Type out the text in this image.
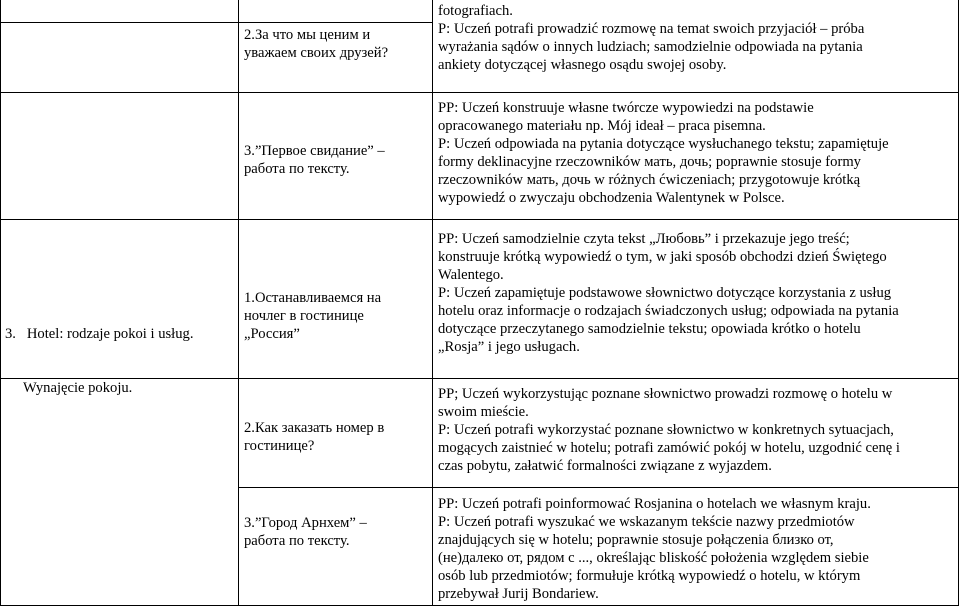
2.За что мы ценим и
уважаем своих друзей?
fotografiach.
P: Uczeń potrafi prowadzić rozmowę na temat swoich przyjaciół – próba
wyrażania sądów o innych ludziach; samodzielnie odpowiada na pytania
ankiety dotyczącej własnego osądu swojej osoby.
3.”Первое свидание” –
работа по тексту.
PP: Uczeń konstruuje własne twórcze wypowiedzi na podstawie
opracowanego materiału np. Mój ideał – praca pisemna.
P: Uczeń odpowiada na pytania dotyczące wysłuchanego tekstu; zapamiętuje
formy deklinacyjne rzeczowników мать, дочь; poprawnie stosuje formy
rzeczowników мать, дочь w różnych ćwiczeniach; przygotowuje krótką
wypowiedź o zwyczaju obchodzenia Walentynek w Polsce.

3.   Hotel: rodzaje pokoi i usług.

Wynajęcie pokoju.

1.Останавливаемся на
ночлег в гостинице
„Россия”
PP: Uczeń samodzielnie czyta tekst „Любовь” i przekazuje jego treść;
konstruuje krótką wypowiedź o tym, w jaki sposób obchodzi dzień Świętego
Walentego.
P: Uczeń zapamiętuje podstawowe słownictwo dotyczące korzystania z usług
hotelu oraz informacje o rodzajach świadczonych usług; odpowiada na pytania
dotyczące przeczytanego samodzielnie tekstu; opowiada krótko o hotelu
„Rosja” i jego usługach.
2.Как заказать номер в
гостинице?
PP; Uczeń wykorzystując poznane słownictwo prowadzi rozmowę o hotelu w
swoim mieście.
P: Uczeń potrafi wykorzystać poznane słownictwo w konkretnych sytuacjach,
mogących zaistnieć w hotelu; potrafi zamówić pokój w hotelu, uzgodnić cenę i
czas pobytu, załatwić formalności związane z wyjazdem.
3.”Город Арнхем” –
работа по тексту.
PP: Uczeń potrafi poinformować Rosjanina o hotelach we własnym kraju.
P: Uczeń potrafi wyszukać we wskazanym tekście nazwy przedmiotów
znajdujących się w hotelu; poprawnie stosuje połączenia близко от,
(не)далеко от, рядом с ..., określając bliskość położenia względem siebie
osób lub przedmiotów; formułuje krótką wypowiedź o hotelu, w którym
przebywał Jurij Bondariew.
